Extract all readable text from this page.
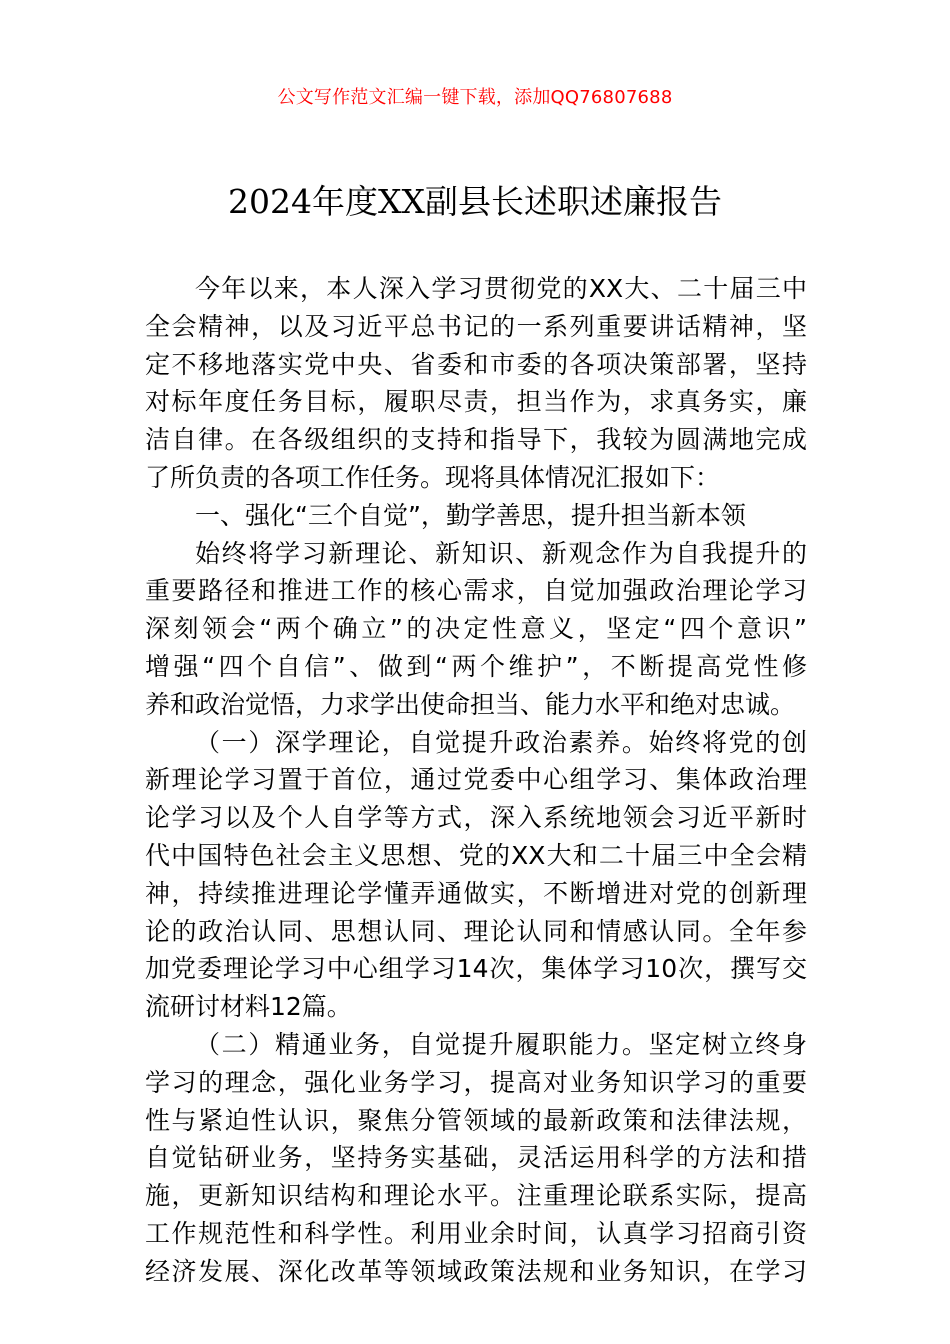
公文写作范文汇编一键下载，添加QQ76807688
2024年度XX副县长述职述廉报告
今年以来，本人深入学习贯彻党的XX大、二十届三中
全会精神，以及习近平总书记的一系列重要讲话精神，坚
定不移地落实党中央、省委和市委的各项决策部署，坚持
对标年度任务目标，履职尽责，担当作为，求真务实，廉
洁自律。在各级组织的支持和指导下，我较为圆满地完成
了所负责的各项工作任务。现将具体情况汇报如下：
一、强化“三个自觉”，勤学善思，提升担当新本领
始终将学习新理论、新知识、新观念作为自我提升的
重要路径和推进工作的核心需求，自觉加强政治理论学习
深刻领会“两个确立”的决定性意义，坚定“四个意识”
增强“四个自信”、做到“两个维护”，不断提高党性修
养和政治觉悟，力求学出使命担当、能力水平和绝对忠诚。
（一）深学理论，自觉提升政治素养。始终将党的创
新理论学习置于首位，通过党委中心组学习、集体政治理
论学习以及个人自学等方式，深入系统地领会习近平新时
代中国特色社会主义思想、党的XX大和二十届三中全会精
神，持续推进理论学懂弄通做实，不断增进对党的创新理
论的政治认同、思想认同、理论认同和情感认同。全年参
加党委理论学习中心组学习14次，集体学习10次，撰写交
流研讨材料12篇。
（二）精通业务，自觉提升履职能力。坚定树立终身
学习的理念，强化业务学习，提高对业务知识学习的重要
性与紧迫性认识，聚焦分管领域的最新政策和法律法规，
自觉钻研业务，坚持务实基础，灵活运用科学的方法和措
施，更新知识结构和理论水平。注重理论联系实际，提高
工作规范性和科学性。利用业余时间，认真学习招商引资
经济发展、深化改革等领域政策法规和业务知识，在学习
